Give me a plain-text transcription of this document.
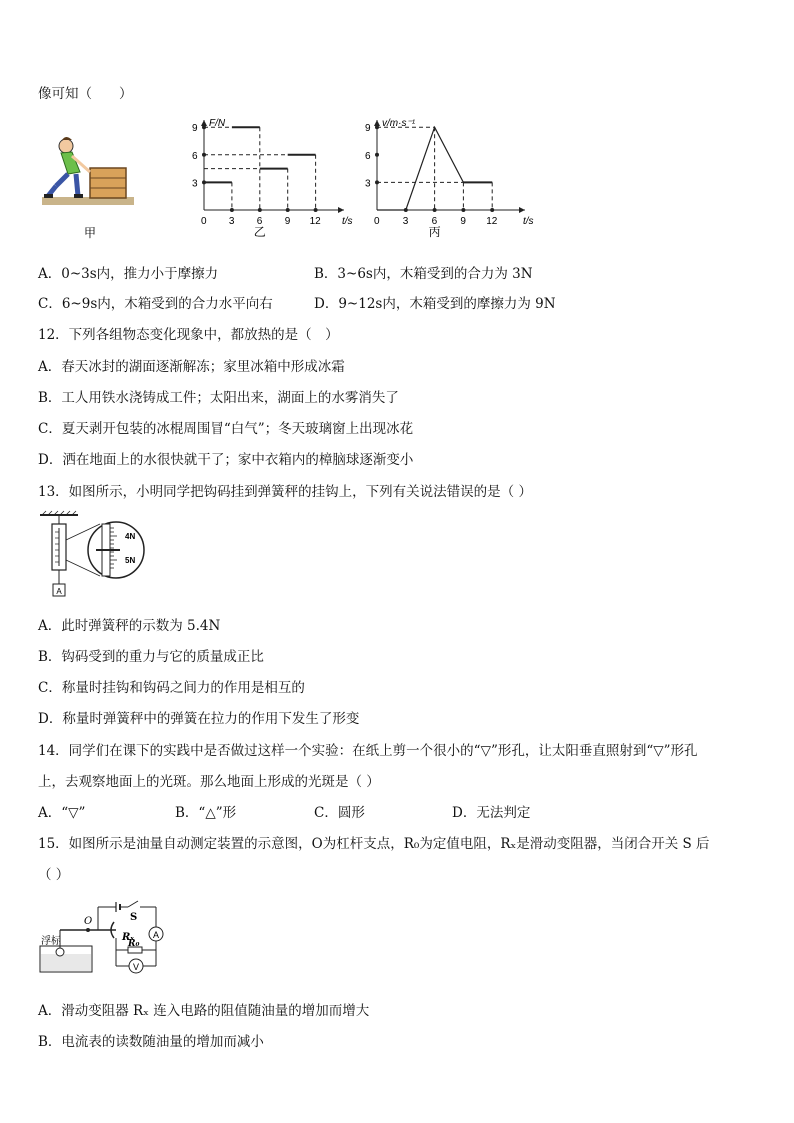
像可知（　　）
甲
F/N
t/s
9
6
3
0 3 6 9 12
乙
v/m·s⁻¹
t/s
9
6
3
0 3 6 9 12
丙
A．0~3s内，推力小于摩擦力	B．3~6s内，木箱受到的合力为 3N
C．6~9s内，木箱受到的合力水平向右	D．9~12s内，木箱受到的摩擦力为 9N
12．下列各组物态变化现象中，都放热的是（　）
A．春天冰封的湖面逐渐解冻；家里冰箱中形成冰霜
B．工人用铁水浇铸成工件；太阳出来，湖面上的水雾消失了
C．夏天剥开包装的冰棍周围冒“白气”；冬天玻璃窗上出现冰花
D．洒在地面上的水很快就干了；家中衣箱内的樟脑球逐渐变小
13．如图所示，小明同学把钩码挂到弹簧秤的挂钩上，下列有关说法错误的是（ ）
A
4N
5N
A．此时弹簧秤的示数为 5.4N
B．钩码受到的重力与它的质量成正比
C．称量时挂钩和钩码之间力的作用是相互的
D．称量时弹簧秤中的弹簧在拉力的作用下发生了形变
14．同学们在课下的实践中是否做过这样一个实验：在纸上剪一个很小的“▽”形孔，让太阳垂直照射到“▽”形孔
上，去观察地面上的光斑。那么地面上形成的光斑是（ ）
A．“▽”	B．“△”形	C．圆形	D．无法判定
15．如图所示是油量自动测定装置的示意图，O为杠杆支点，R₀为定值电阻，Rₓ是滑动变阻器，当闭合开关 S 后
（ ）
浮标
O
Rₓ
S
A
R₀
V
A．滑动变阻器 Rₓ 连入电路的阻值随油量的增加而增大
B．电流表的读数随油量的增加而减小
